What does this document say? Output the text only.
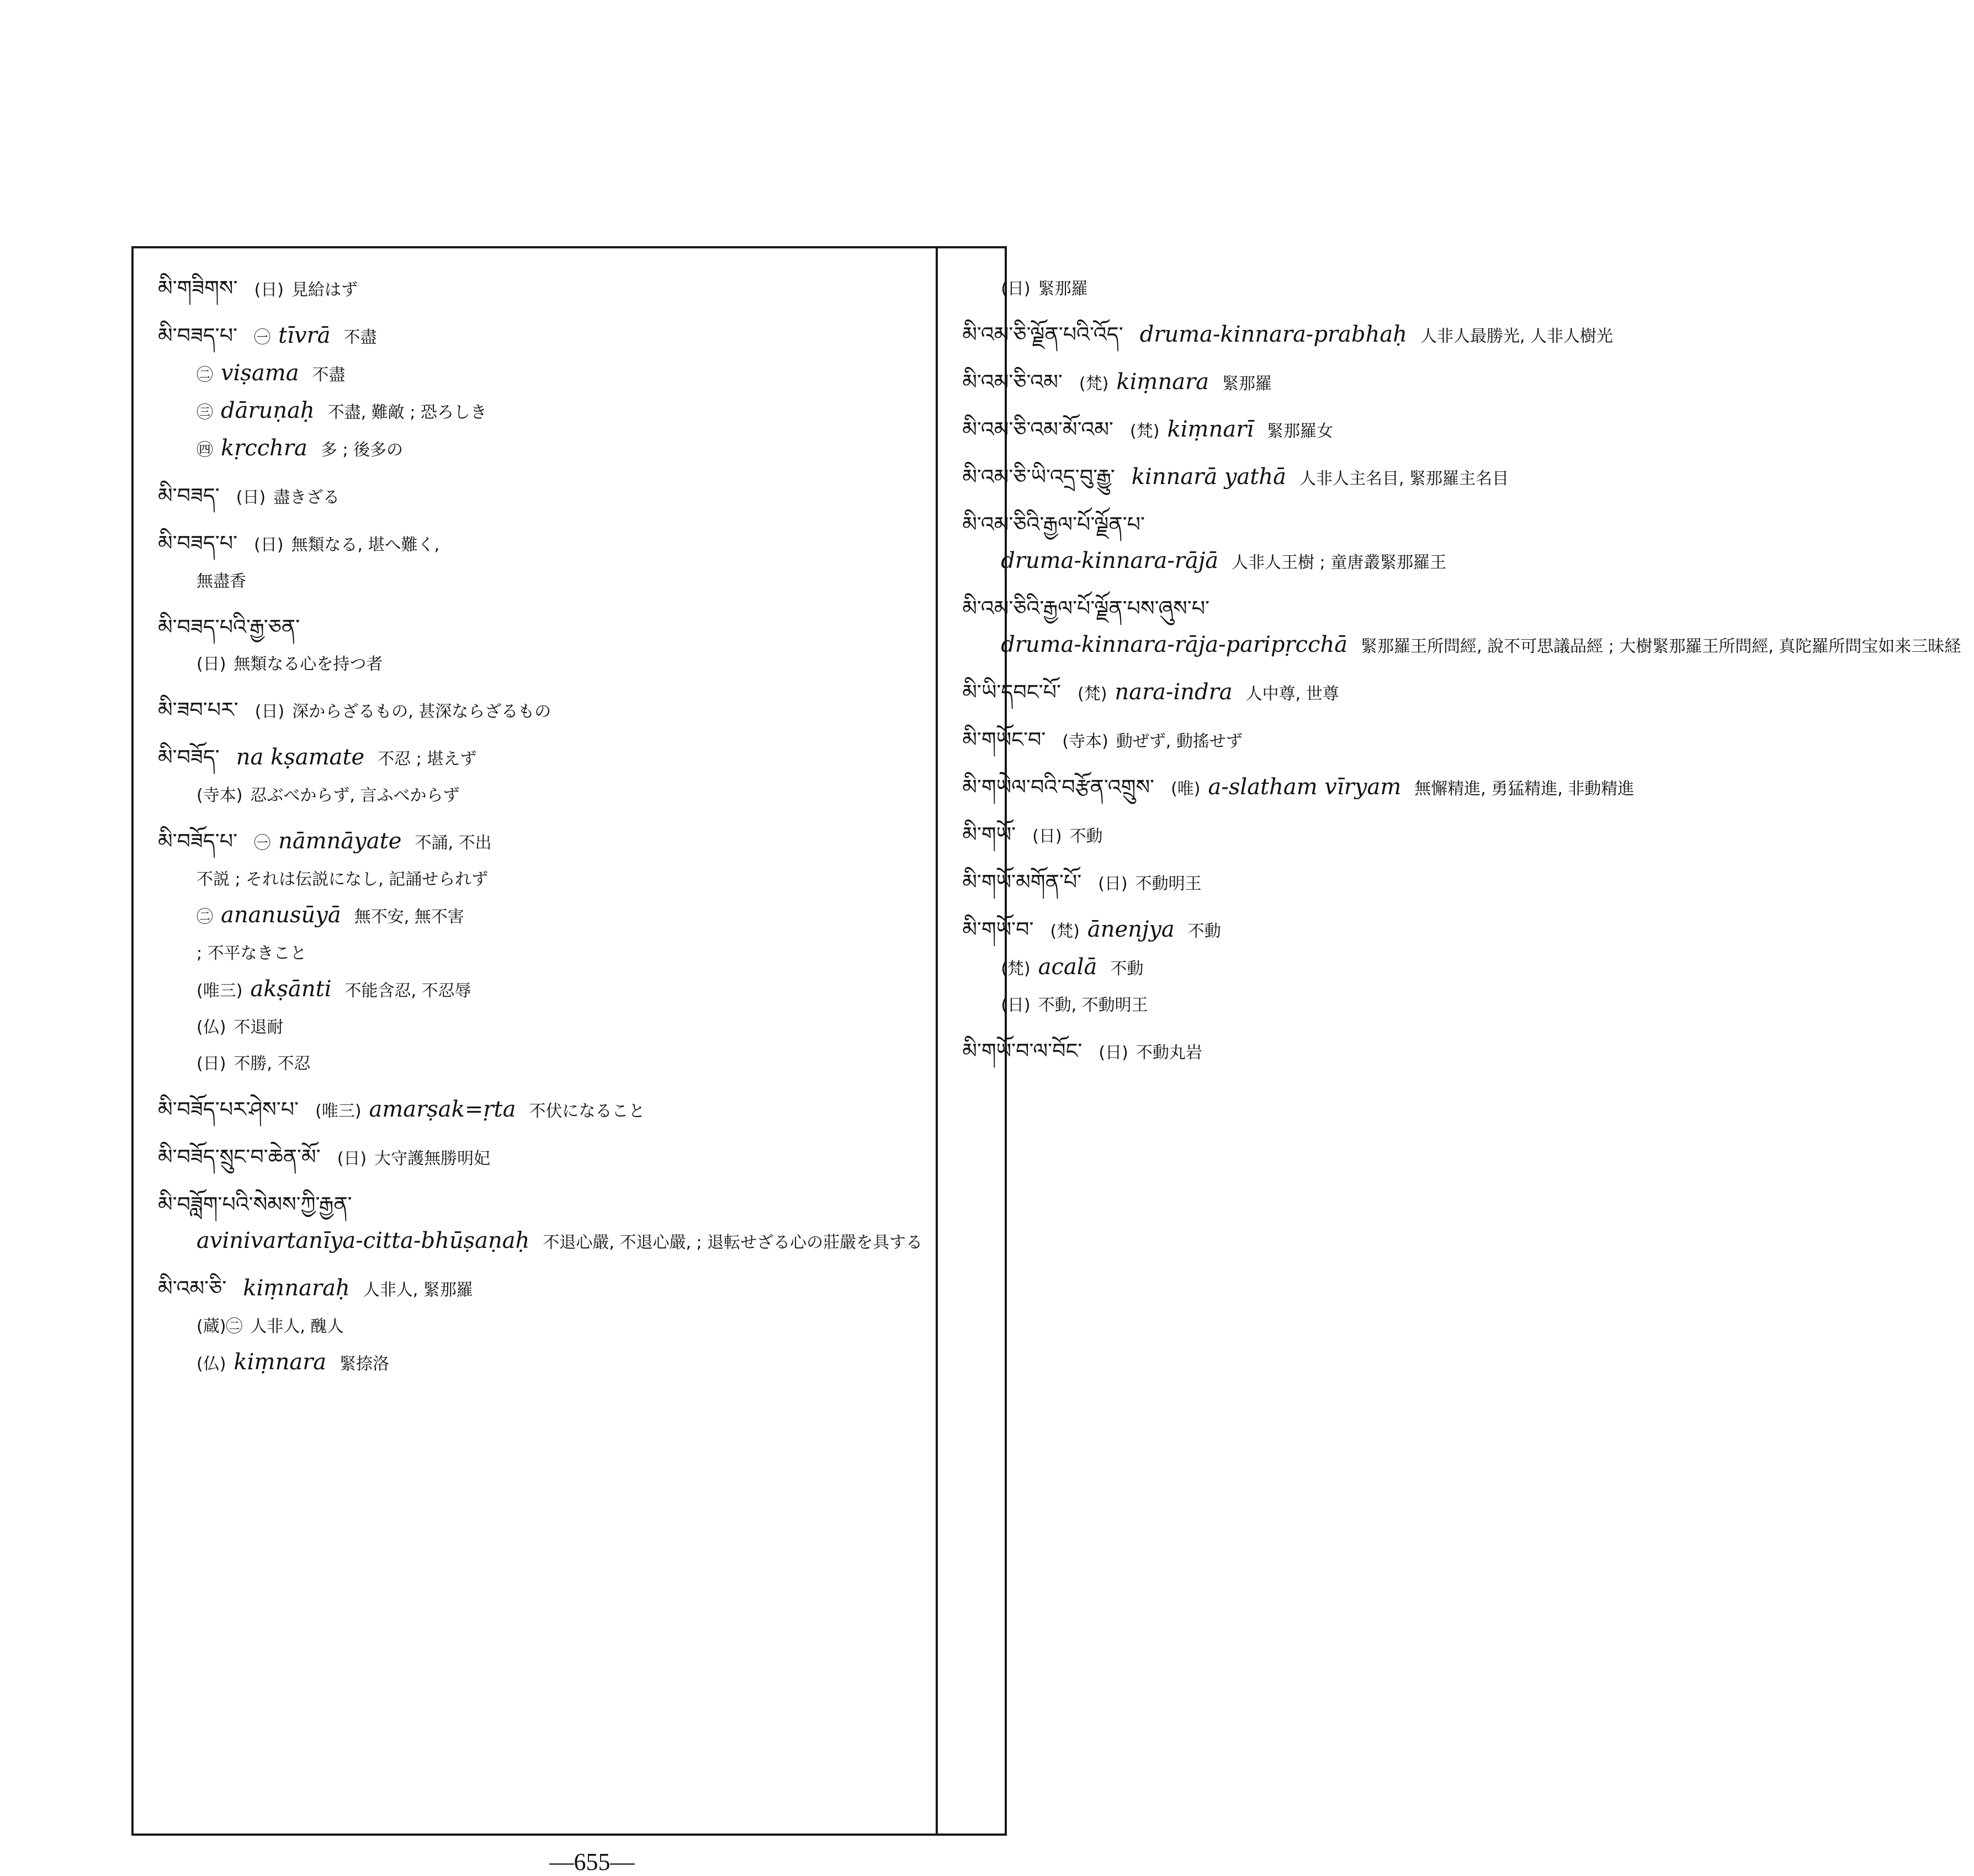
མི་གཟིགས་ (日) 見給はず
མི་བཟད་པ་ ㊀ tīvrā 不盡
㊁ viṣama 不盡
㊂ dāruṇaḥ 不盡, 難敵 ; 恐ろしき
㊃ kṛcchra 多 ; 後多の
མི་བཟད་ (日) 盡きざる
མི་བཟད་པ་ (日) 無類なる, 堪へ難く,
無盡香
མི་བཟད་པའི་རྒྱ་ཅན་
(日) 無類なる心を持つ者
མི་ཟབ་པར་ (日) 深からざるもの, 甚深ならざるもの
མི་བཟོད་ na kṣamate 不忍 ; 堪えず
(寺本) 忍ぶべからず, 言ふべからず
མི་བཟོད་པ་ ㊀ nāmnāyate 不誦, 不出
不説 ; それは伝説になし, 記誦せられず
㊁ ananusūyā 無不安, 無不害
; 不平なきこと
(唯三) akṣānti 不能含忍, 不忍辱
(仏) 不退耐
(日) 不勝, 不忍
མི་བཟོད་པར་ཤེས་པ་ (唯三) amarṣak=ṛta 不伏になること
མི་བཟོད་སྲུང་བ་ཆེན་མོ་ (日) 大守護無勝明妃
མི་བཟློག་པའི་སེམས་ཀྱི་རྒྱན་
avinivartanīya-citta-bhūṣaṇaḥ 不退心嚴, 不退心嚴, ; 退転せざる心の莊嚴を具する
མི་འམ་ཅི་ kiṃnaraḥ 人非人, 緊那羅
(蔵)㊁ 人非人, 醜人
(仏) kiṃnara 緊捺洛
(日) 緊那羅
མི་འམ་ཅི་ལྗོན་པའི་འོད་ druma-kinnara-prabhaḥ 人非人最勝光, 人非人樹光
མི་འམ་ཅི་འམ་ (梵) kiṃnara 緊那羅
མི་འམ་ཅི་འམ་མོ་འམ་ (梵) kiṃnarī 緊那羅女
མི་འམ་ཅི་ཡི་འདྲ་བུ་རྒྱུ་ kinnarā yathā 人非人主名目, 緊那羅主名目
མི་འམ་ཅིའི་རྒྱལ་པོ་ལྗོན་པ་
druma-kinnara-rājā 人非人王樹 ; 童唐叢緊那羅王
མི་འམ་ཅིའི་རྒྱལ་པོ་ལྗོན་པས་ཞུས་པ་
druma-kinnara-rāja-paripṛcchā 緊那羅王所問經, 說不可思議品經 ; 大樹緊那羅王所問經, 真陀羅所問宝如来三昧経
མི་ཡི་དབང་པོ་ (梵) nara-indra 人中尊, 世尊
མི་གཡོང་བ་ (寺本) 動ぜず, 動搖せず
མི་གཡེལ་བའི་བརྩོན་འགྲུས་ (唯) a-slatham vīryam 無懈精進, 勇猛精進, 非動精進
མི་གཡོ་ (日) 不動
མི་གཡོ་མགོན་པོ་ (日) 不動明王
མི་གཡོ་བ་ (梵) ānenjya 不動
(梵) acalā 不動
(日) 不動, 不動明王
མི་གཡོ་བ་ལ་བོང་ (日) 不動丸岩
—655—
